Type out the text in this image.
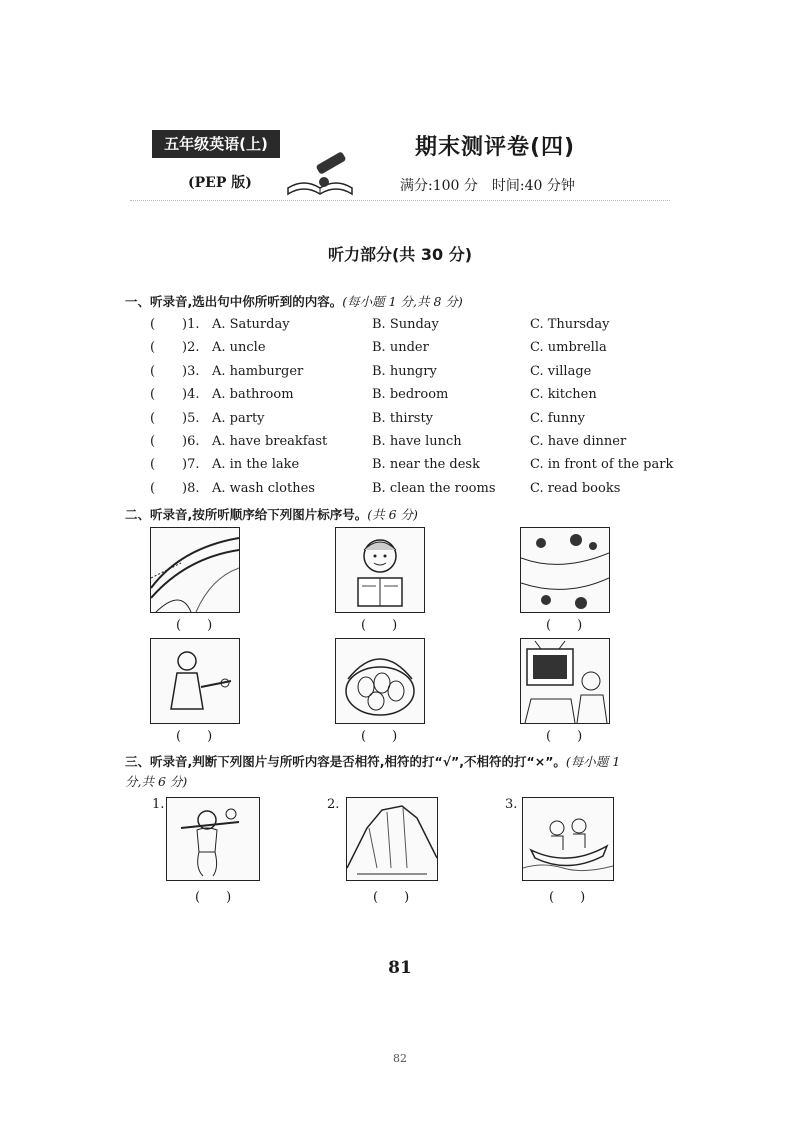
五年级英语(上)
(PEP 版)
期末测评卷(四)
满分:100 分　时间:40 分钟
听力部分(共 30 分)
一、听录音,选出句中你所听到的内容。(每小题 1 分,共 8 分)
( )1. A. Saturday	B. Sunday	C. Thursday
( )2. A. uncle	B. under	C. umbrella
( )3. A. hamburger	B. hungry	C. village
( )4. A. bathroom	B. bedroom	C. kitchen
( )5. A. party	B. thirsty	C. funny
( )6. A. have breakfast	B. have lunch	C. have dinner
( )7. A. in the lake	B. near the desk	C. in front of the park
( )8. A. wash clothes	B. clean the rooms	C. read books
二、听录音,按所听顺序给下列图片标序号。(共 6 分)
(　　)	(　　)	(　　)
(　　)	(　　)	(　　)
三、听录音,判断下列图片与所听内容是否相符,相符的打“√”,不相符的打“×”。(每小题 1
分,共 6 分)
1.
(　　)
2.
(　　)
3.
(　　)
81
82
